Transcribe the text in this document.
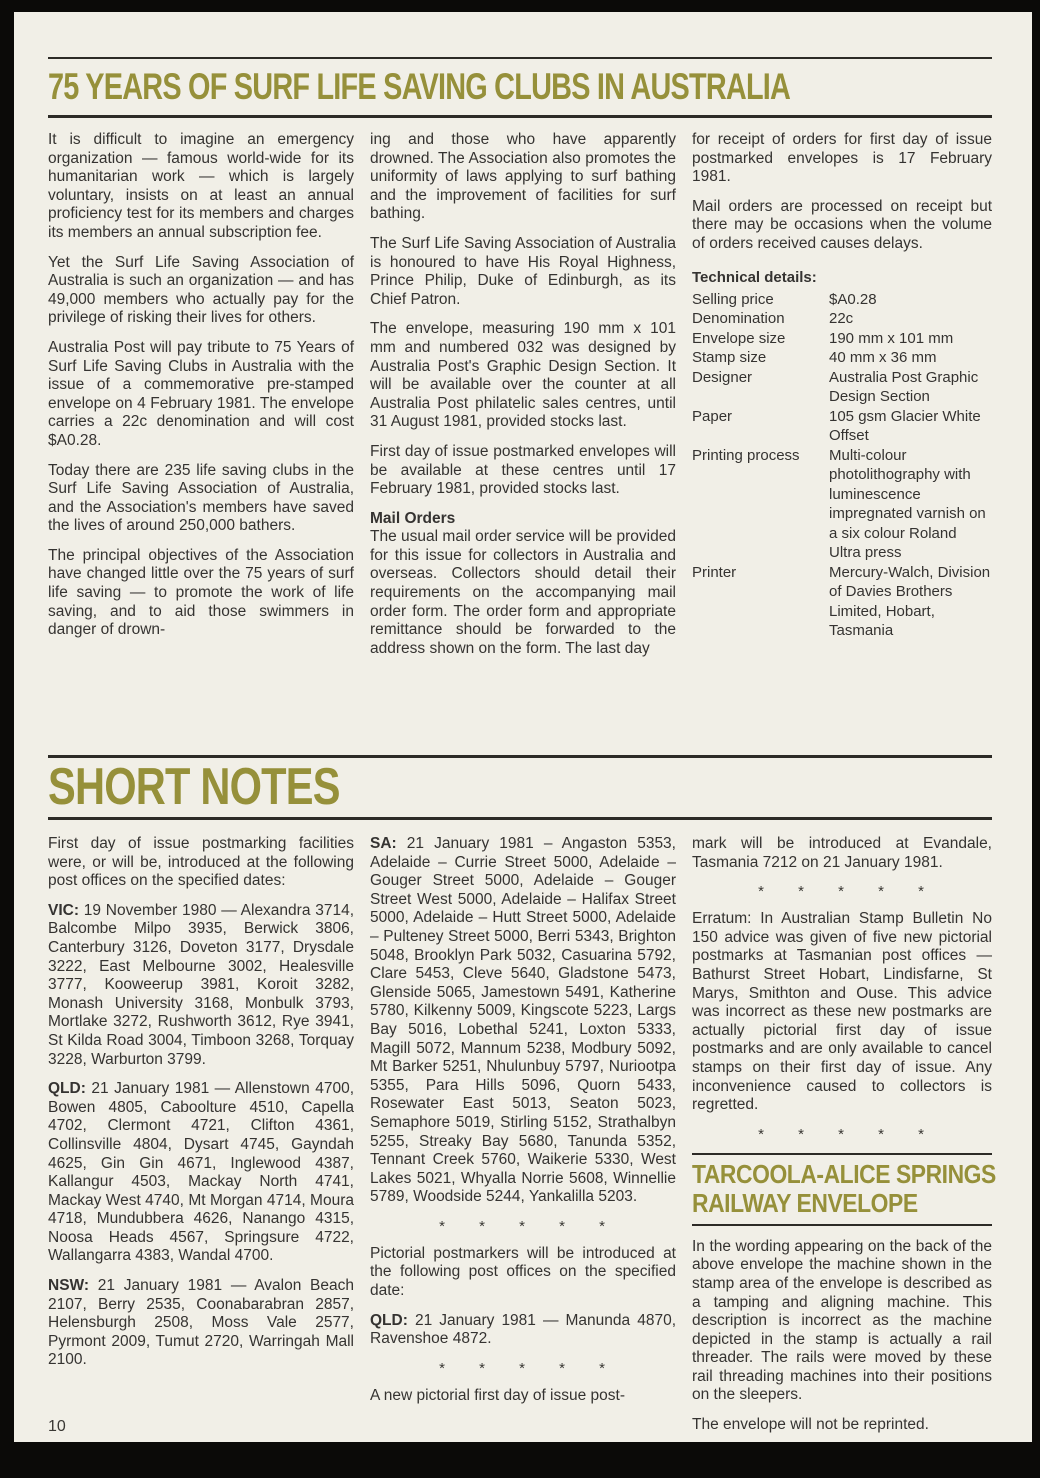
75 YEARS OF SURF LIFE SAVING CLUBS IN AUSTRALIA

It is difficult to imagine an emergency organization — famous world-wide for its humanitarian work — which is largely voluntary, insists on at least an annual proficiency test for its members and charges its members an annual subscription fee.

Yet the Surf Life Saving Association of Australia is such an organization — and has 49,000 members who actually pay for the privilege of risking their lives for others.

Australia Post will pay tribute to 75 Years of Surf Life Saving Clubs in Australia with the issue of a commemorative pre-stamped envelope on 4 February 1981. The envelope carries a 22c denomination and will cost $A0.28.

Today there are 235 life saving clubs in the Surf Life Saving Association of Australia, and the Association's members have saved the lives of around 250,000 bathers.

The principal objectives of the Association have changed little over the 75 years of surf life saving — to promote the work of life saving, and to aid those swimmers in danger of drown-

ing and those who have apparently drowned. The Association also promotes the uniformity of laws applying to surf bathing and the improvement of facilities for surf bathing.

The Surf Life Saving Association of Australia is honoured to have His Royal Highness, Prince Philip, Duke of Edinburgh, as its Chief Patron.

The envelope, measuring 190 mm x 101 mm and numbered 032 was designed by Australia Post's Graphic Design Section. It will be available over the counter at all Australia Post philatelic sales centres, until 31 August 1981, provided stocks last.

First day of issue postmarked envelopes will be available at these centres until 17 February 1981, provided stocks last.

Mail Orders

The usual mail order service will be provided for this issue for collectors in Australia and overseas. Collectors should detail their requirements on the accompanying mail order form. The order form and appropriate remittance should be forwarded to the address shown on the form. The last day

for receipt of orders for first day of issue postmarked envelopes is 17 February 1981.

Mail orders are processed on receipt but there may be occasions when the volume of orders received causes delays.

Technical details:
Selling price	$A0.28
Denomination	22c
Envelope size	190 mm x 101 mm
Stamp size	40 mm x 36 mm
Designer	Australia Post Graphic Design Section
Paper	105 gsm Glacier White Offset
Printing process	Multi-colour photolithography with luminescence impregnated varnish on a six colour Roland Ultra press
Printer	Mercury-Walch, Division of Davies Brothers Limited, Hobart, Tasmania
SHORT NOTES

First day of issue postmarking facilities were, or will be, introduced at the following post offices on the specified dates:

VIC: 19 November 1980 — Alexandra 3714, Balcombe Milpo 3935, Berwick 3806, Canterbury 3126, Doveton 3177, Drysdale 3222, East Melbourne 3002, Healesville 3777, Kooweerup 3981, Koroit 3282, Monash University 3168, Monbulk 3793, Mortlake 3272, Rushworth 3612, Rye 3941, St Kilda Road 3004, Timboon 3268, Torquay 3228, Warburton 3799.

QLD: 21 January 1981 — Allenstown 4700, Bowen 4805, Caboolture 4510, Capella 4702, Clermont 4721, Clifton 4361, Collinsville 4804, Dysart 4745, Gayndah 4625, Gin Gin 4671, Inglewood 4387, Kallangur 4503, Mackay North 4741, Mackay West 4740, Mt Morgan 4714, Moura 4718, Mundubbera 4626, Nanango 4315, Noosa Heads 4567, Springsure 4722, Wallangarra 4383, Wandal 4700.

NSW: 21 January 1981 — Avalon Beach 2107, Berry 2535, Coonabarabran 2857, Helensburgh 2508, Moss Vale 2577, Pyrmont 2009, Tumut 2720, Warringah Mall 2100.

SA: 21 January 1981 – Angaston 5353, Adelaide – Currie Street 5000, Adelaide – Gouger Street 5000, Adelaide – Gouger Street West 5000, Adelaide – Halifax Street 5000, Adelaide – Hutt Street 5000, Adelaide – Pulteney Street 5000, Berri 5343, Brighton 5048, Brooklyn Park 5032, Casuarina 5792, Clare 5453, Cleve 5640, Gladstone 5473, Glenside 5065, Jamestown 5491, Katherine 5780, Kilkenny 5009, Kingscote 5223, Largs Bay 5016, Lobethal 5241, Loxton 5333, Magill 5072, Mannum 5238, Modbury 5092, Mt Barker 5251, Nhulunbuy 5797, Nuriootpa 5355, Para Hills 5096, Quorn 5433, Rosewater East 5013, Seaton 5023, Semaphore 5019, Stirling 5152, Strathalbyn 5255, Streaky Bay 5680, Tanunda 5352, Tennant Creek 5760, Waikerie 5330, West Lakes 5021, Whyalla Norrie 5608, Winnellie 5789, Woodside 5244, Yankalilla 5203.

* * * * *

Pictorial postmarkers will be introduced at the following post offices on the specified date:

QLD: 21 January 1981 — Manunda 4870, Ravenshoe 4872.

* * * * *

A new pictorial first day of issue post-

mark will be introduced at Evandale, Tasmania 7212 on 21 January 1981.

* * * * *

Erratum: In Australian Stamp Bulletin No 150 advice was given of five new pictorial postmarks at Tasmanian post offices — Bathurst Street Hobart, Lindisfarne, St Marys, Smithton and Ouse. This advice was incorrect as these new postmarks are actually pictorial first day of issue postmarks and are only available to cancel stamps on their first day of issue. Any inconvenience caused to collectors is regretted.

* * * * *
TARCOOLA-ALICE SPRINGS
RAILWAY ENVELOPE

In the wording appearing on the back of the above envelope the machine shown in the stamp area of the envelope is described as a tamping and aligning machine. This description is incorrect as the machine depicted in the stamp is actually a rail threader. The rails were moved by these rail threading machines into their positions on the sleepers.

The envelope will not be reprinted.

10
